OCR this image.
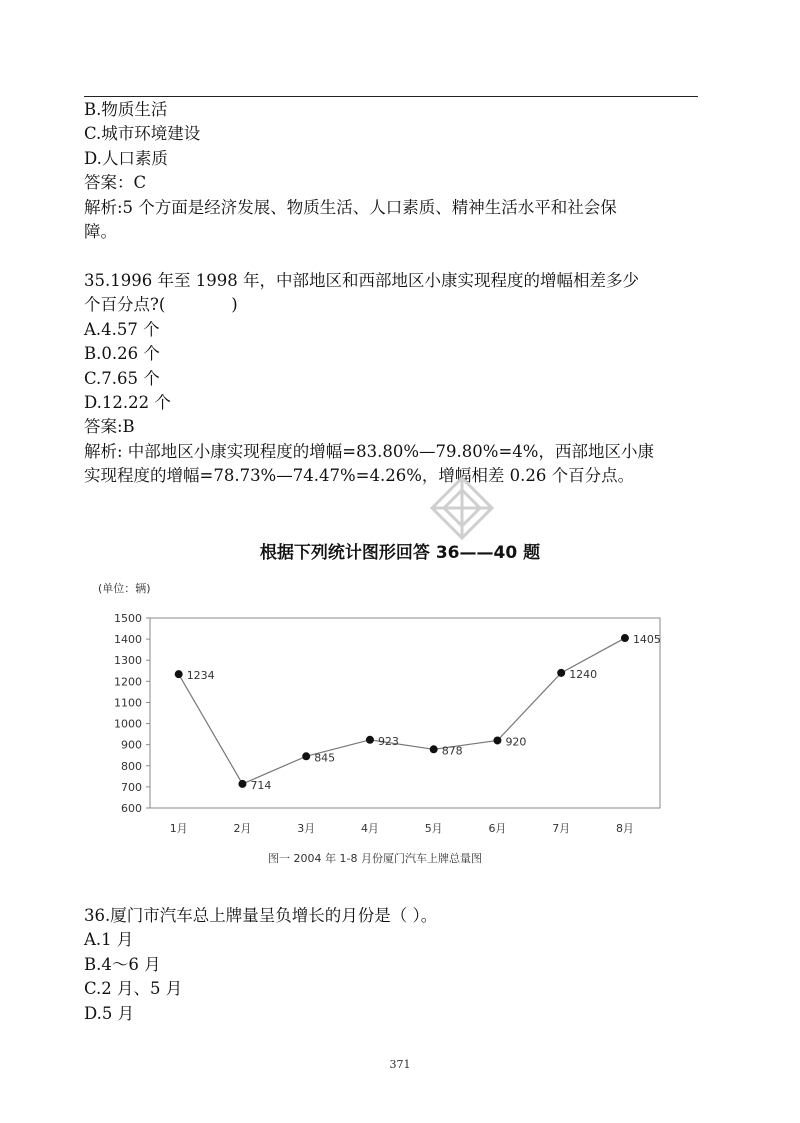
B.物质生活
C.城市环境建设
D.人口素质
答案：C
解析:5 个方面是经济发展、物质生活、人口素质、精神生活水平和社会保
障。
35.1996 年至 1998 年，中部地区和西部地区小康实现程度的增幅相差多少
个百分点?(　　　　)
A.4.57 个
B.0.26 个
C.7.65 个
D.12.22 个
答案:B
解析: 中部地区小康实现程度的增幅=83.80%—79.80%=4%，西部地区小康
实现程度的增幅=78.73%—74.47%=4.26%，增幅相差 0.26 个百分点。
根据下列统计图形回答 36——40 题
(单位：辆)
600
700
800
900
1000
1100
1200
1300
1400
1500
1月	2月	3月	4月	5月	6月	7月	8月
1234
714
845
923
878
920
1240
1405
图一 2004 年 1-8 月份厦门汽车上牌总量图
36.厦门市汽车总上牌量呈负增长的月份是（ ）。
A.1 月
B.4～6 月
C.2 月、5 月
D.5 月
371
